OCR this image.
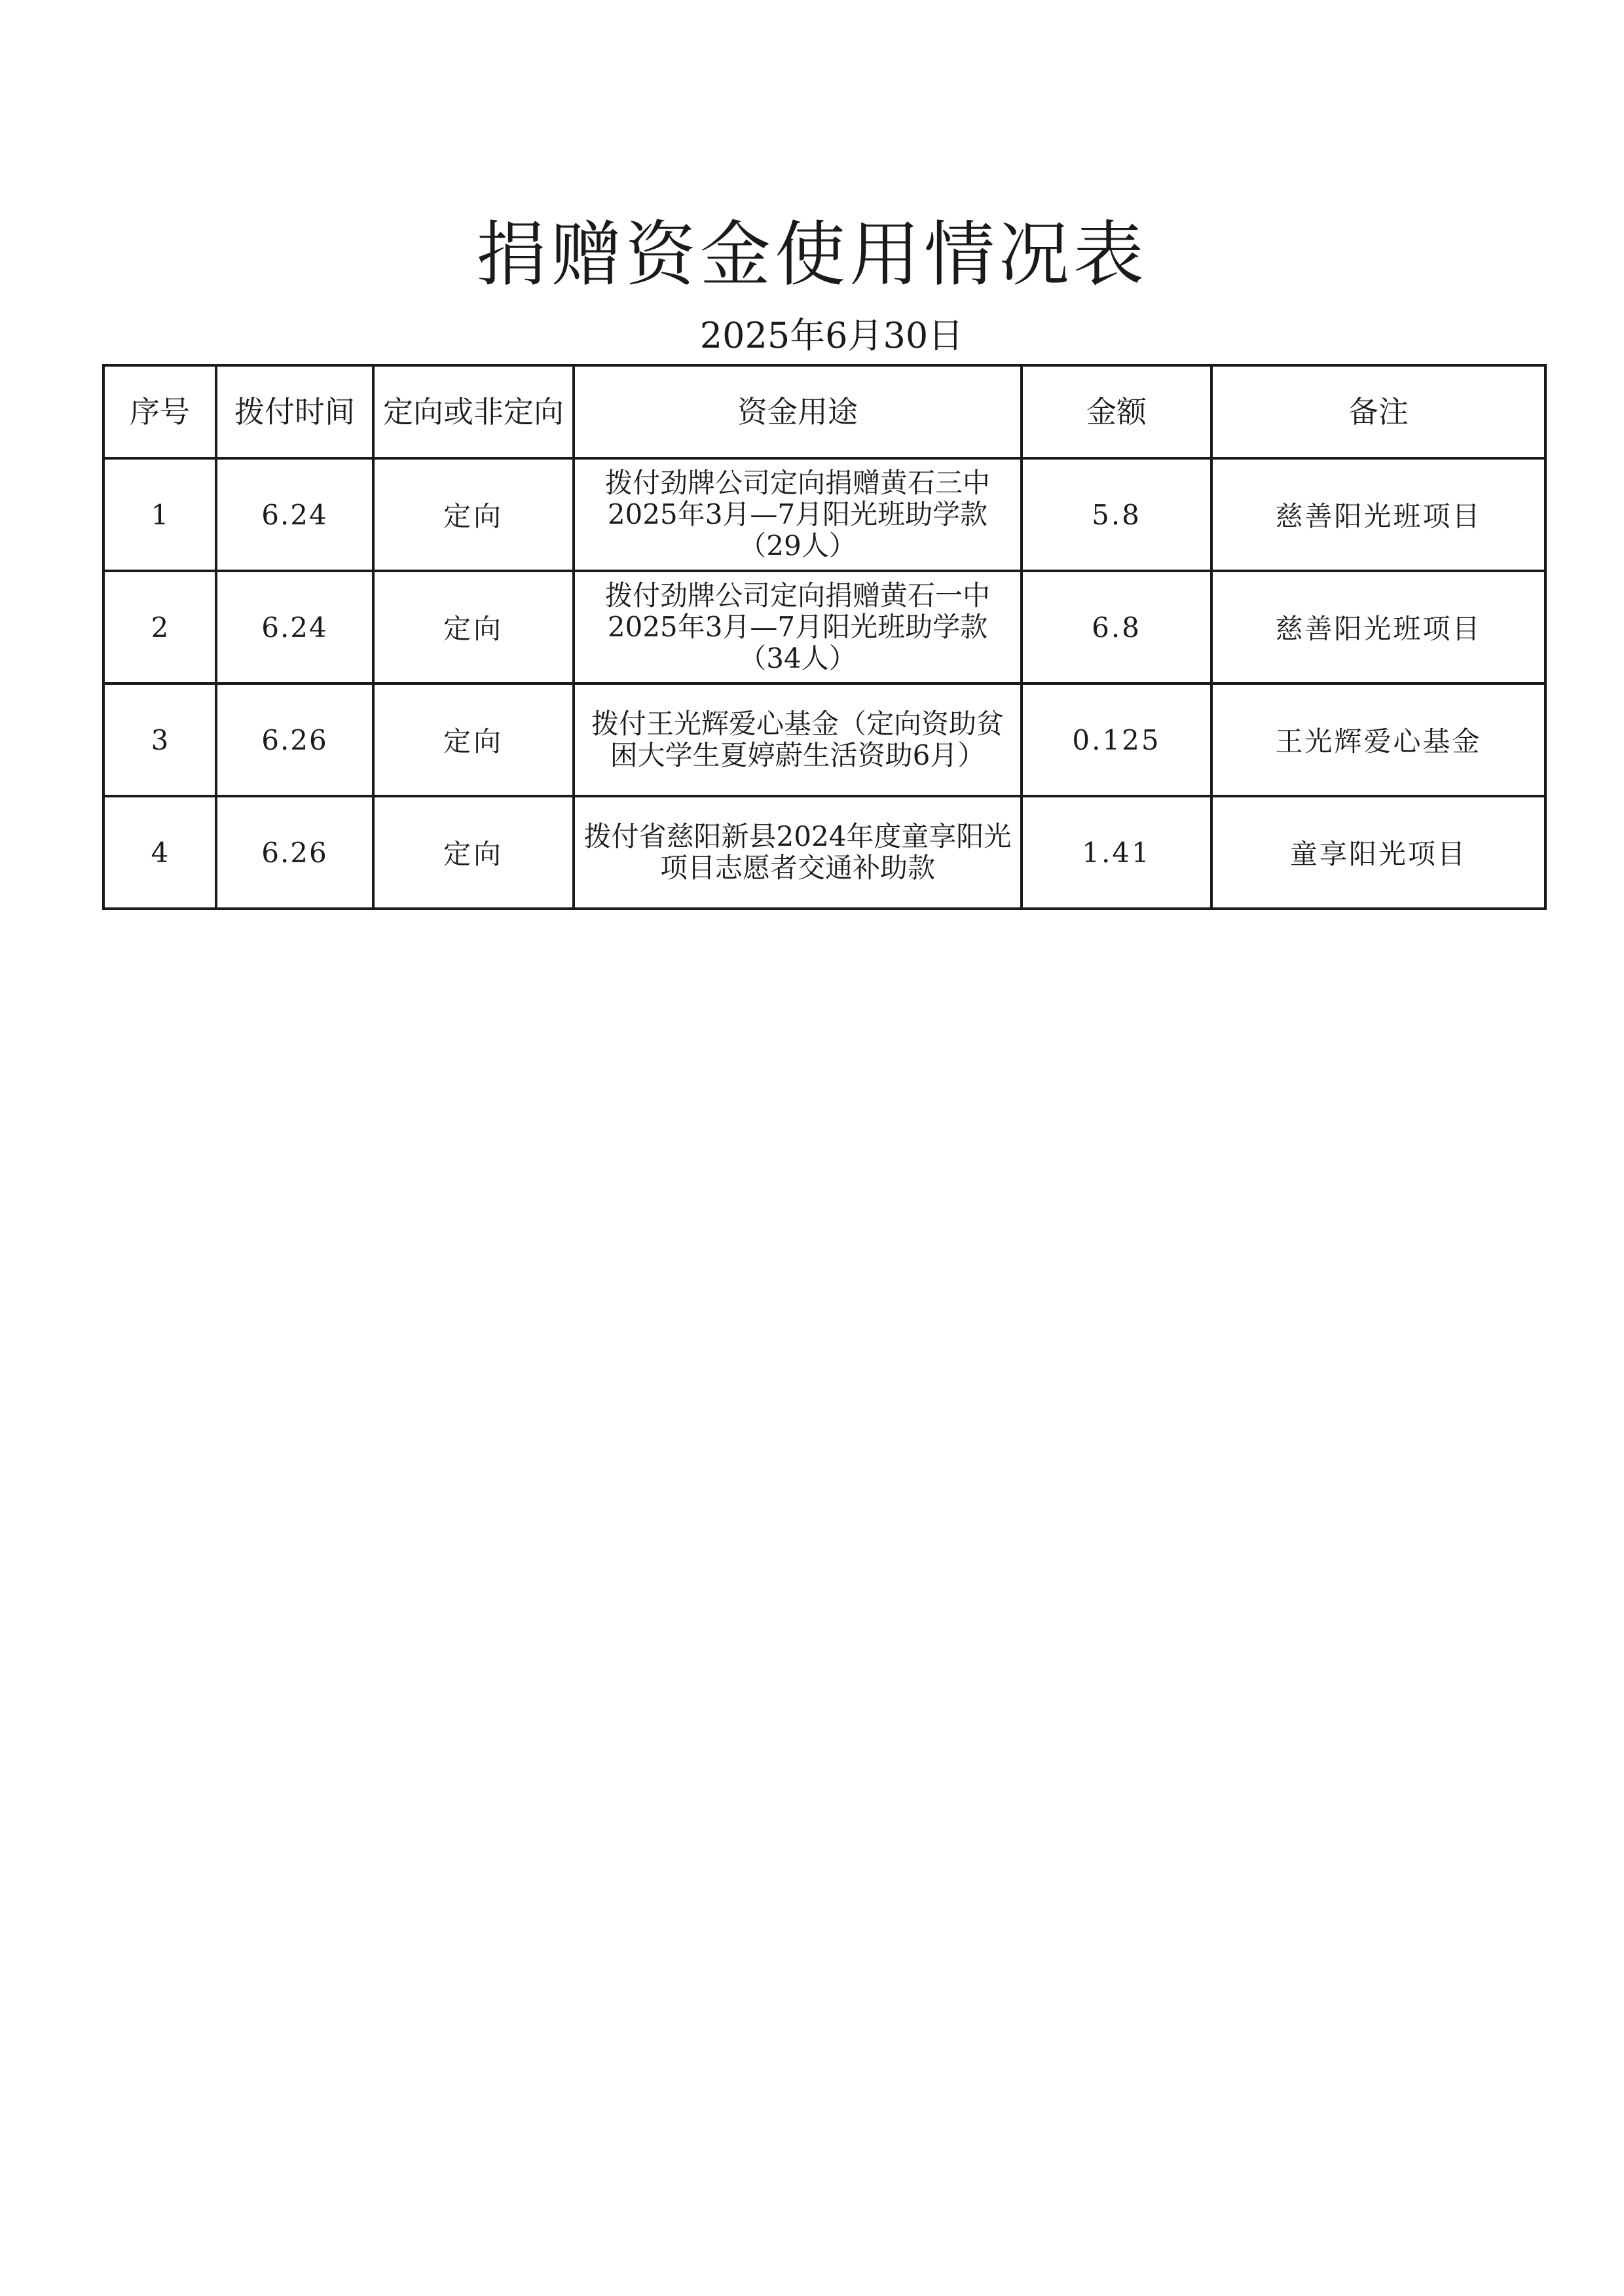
捐赠资金使用情况表
2025年6月30日
序号	拨付时间	定向或非定向	资金用途	金额	备注
1	6.24	定向	拨付劲牌公司定向捐赠黄石三中2025年3月—7月阳光班助学款（29人）	5.8	慈善阳光班项目
2	6.24	定向	拨付劲牌公司定向捐赠黄石一中2025年3月—7月阳光班助学款（34人）	6.8	慈善阳光班项目
3	6.26	定向	拨付王光辉爱心基金（定向资助贫困大学生夏婷蔚生活资助6月）	0.125	王光辉爱心基金
4	6.26	定向	拨付省慈阳新县2024年度童享阳光项目志愿者交通补助款	1.41	童享阳光项目
